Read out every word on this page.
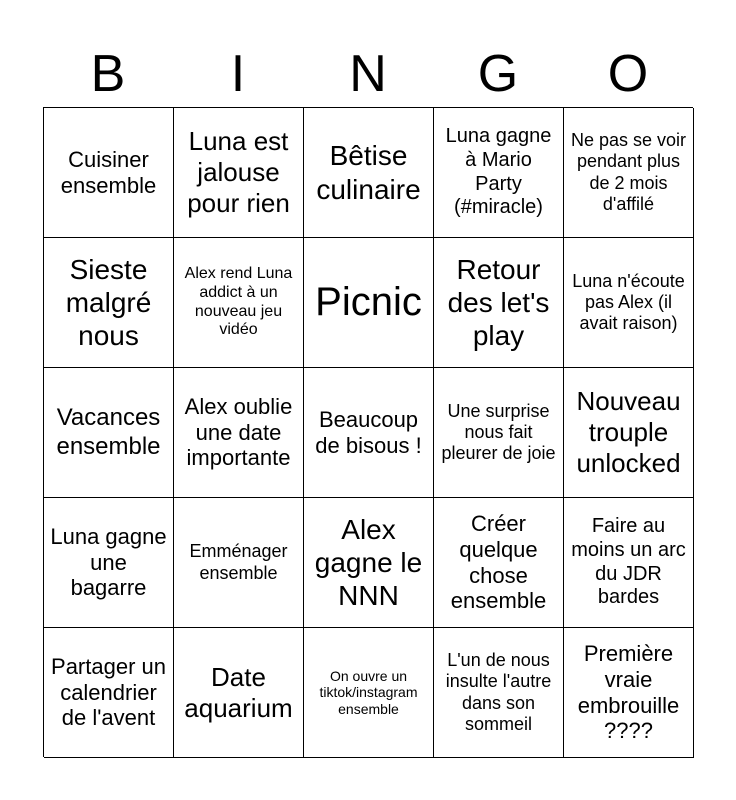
B	I	N	G	O
Cuisiner ensemble
Luna est jalouse pour rien
Bêtise culinaire
Luna gagne à Mario Party (#miracle)
Ne pas se voir pendant plus de 2 mois d'affilé
Sieste malgré nous
Alex rend Luna addict à un nouveau jeu vidéo
Picnic
Retour des let's play
Luna n'écoute pas Alex (il avait raison)
Vacances ensemble
Alex oublie une date importante
Beaucoup de bisous !
Une surprise nous fait pleurer de joie
Nouveau trouple unlocked
Luna gagne une bagarre
Emménager ensemble
Alex gagne le NNN
Créer quelque chose ensemble
Faire au moins un arc du JDR bardes
Partager un calendrier de l'avent
Date aquarium
On ouvre un tiktok/instagram ensemble
L'un de nous insulte l'autre dans son sommeil
Première vraie embrouille ????
